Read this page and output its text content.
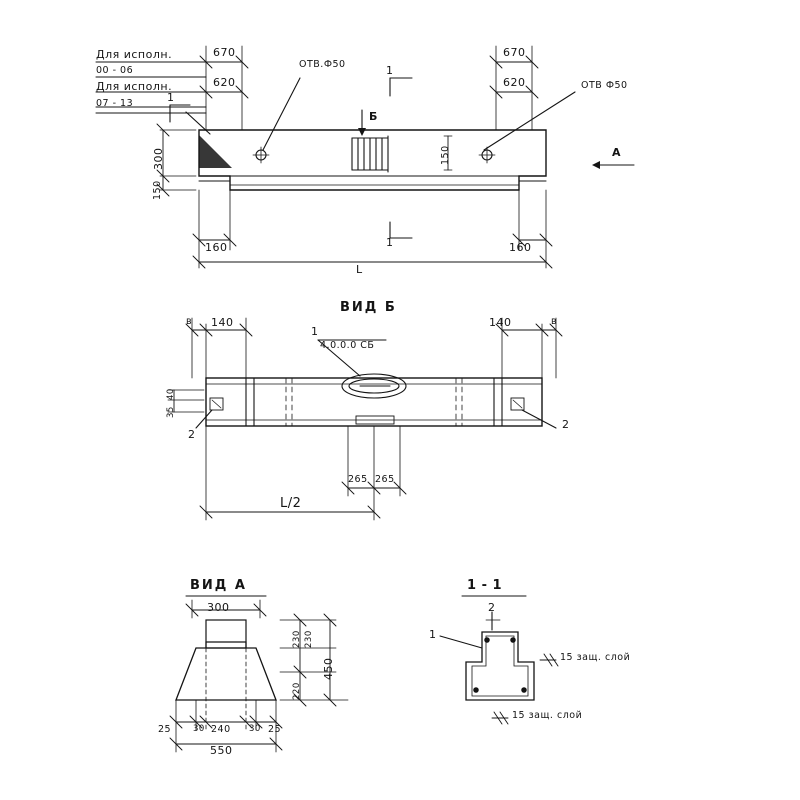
Для исполн.
00 - 06
Для исполн.
07 - 13
670
620
ОТВ.Ф50	1
1
1
Б
670
620	ОТВ Ф50
А
300
150
150
160	160
L
ВИД Б
1
4.0.0.0 СБ
140	140
в	в
40
35
2
2
L/2
265 265
ВИД А
300
230 230
450
220
25	30 240 30 25
550
1 - 1
1
2
15 защ. слой
15 защ. слой
